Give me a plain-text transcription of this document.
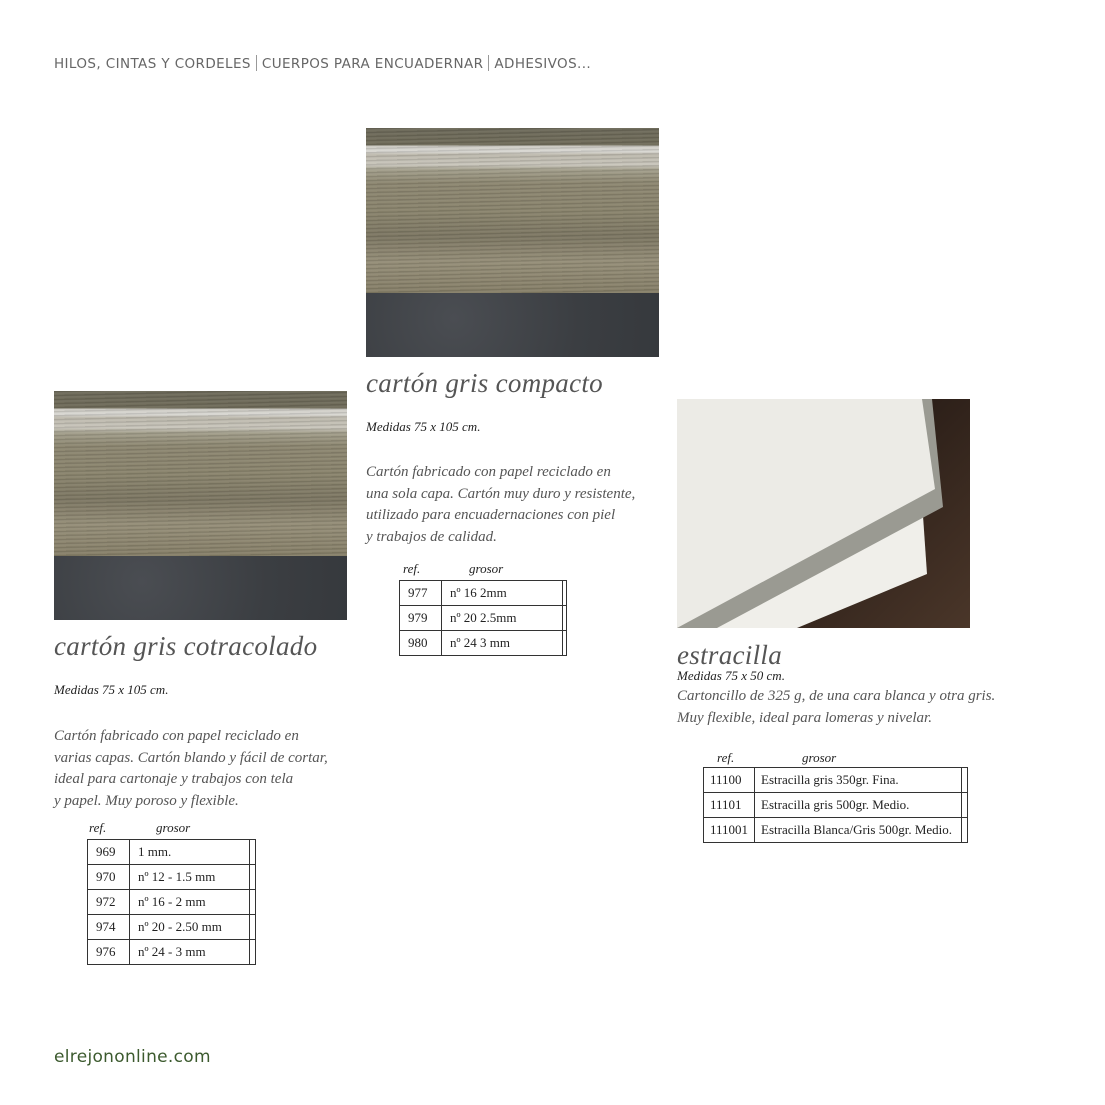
HILOS, CINTAS Y CORDELES CUERPOS PARA ENCUADERNAR ADHESIVOS...
cartón gris compacto
Medidas 75 x 105 cm.
Cartón fabricado con papel reciclado en
una sola capa. Cartón muy duro y resistente,
utilizado para encuadernaciones con piel
y trabajos de calidad.
ref.	grosor
977	nº 16 2mm	
979	nº 20 2.5mm	
980	nº 24 3 mm	
cartón gris cotracolado
Medidas 75 x 105 cm.
Cartón fabricado con papel reciclado en
varias capas. Cartón blando y fácil de cortar,
ideal para cartonaje y trabajos con tela
y papel. Muy poroso y flexible.
ref.	grosor
969	1 mm.	
970	nº 12 - 1.5 mm	
972	nº 16 - 2 mm	
974	nº 20 - 2.50 mm	
976	nº 24 - 3 mm	
estracilla
Medidas 75 x 50 cm.
Cartoncillo de 325 g, de una cara blanca y otra gris.
Muy flexible, ideal para lomeras y nivelar.
ref.	grosor
11100	Estracilla gris 350gr. Fina.	
11101	Estracilla gris 500gr. Medio.	
111001	Estracilla Blanca/Gris 500gr. Medio.	
elrejononline.com
